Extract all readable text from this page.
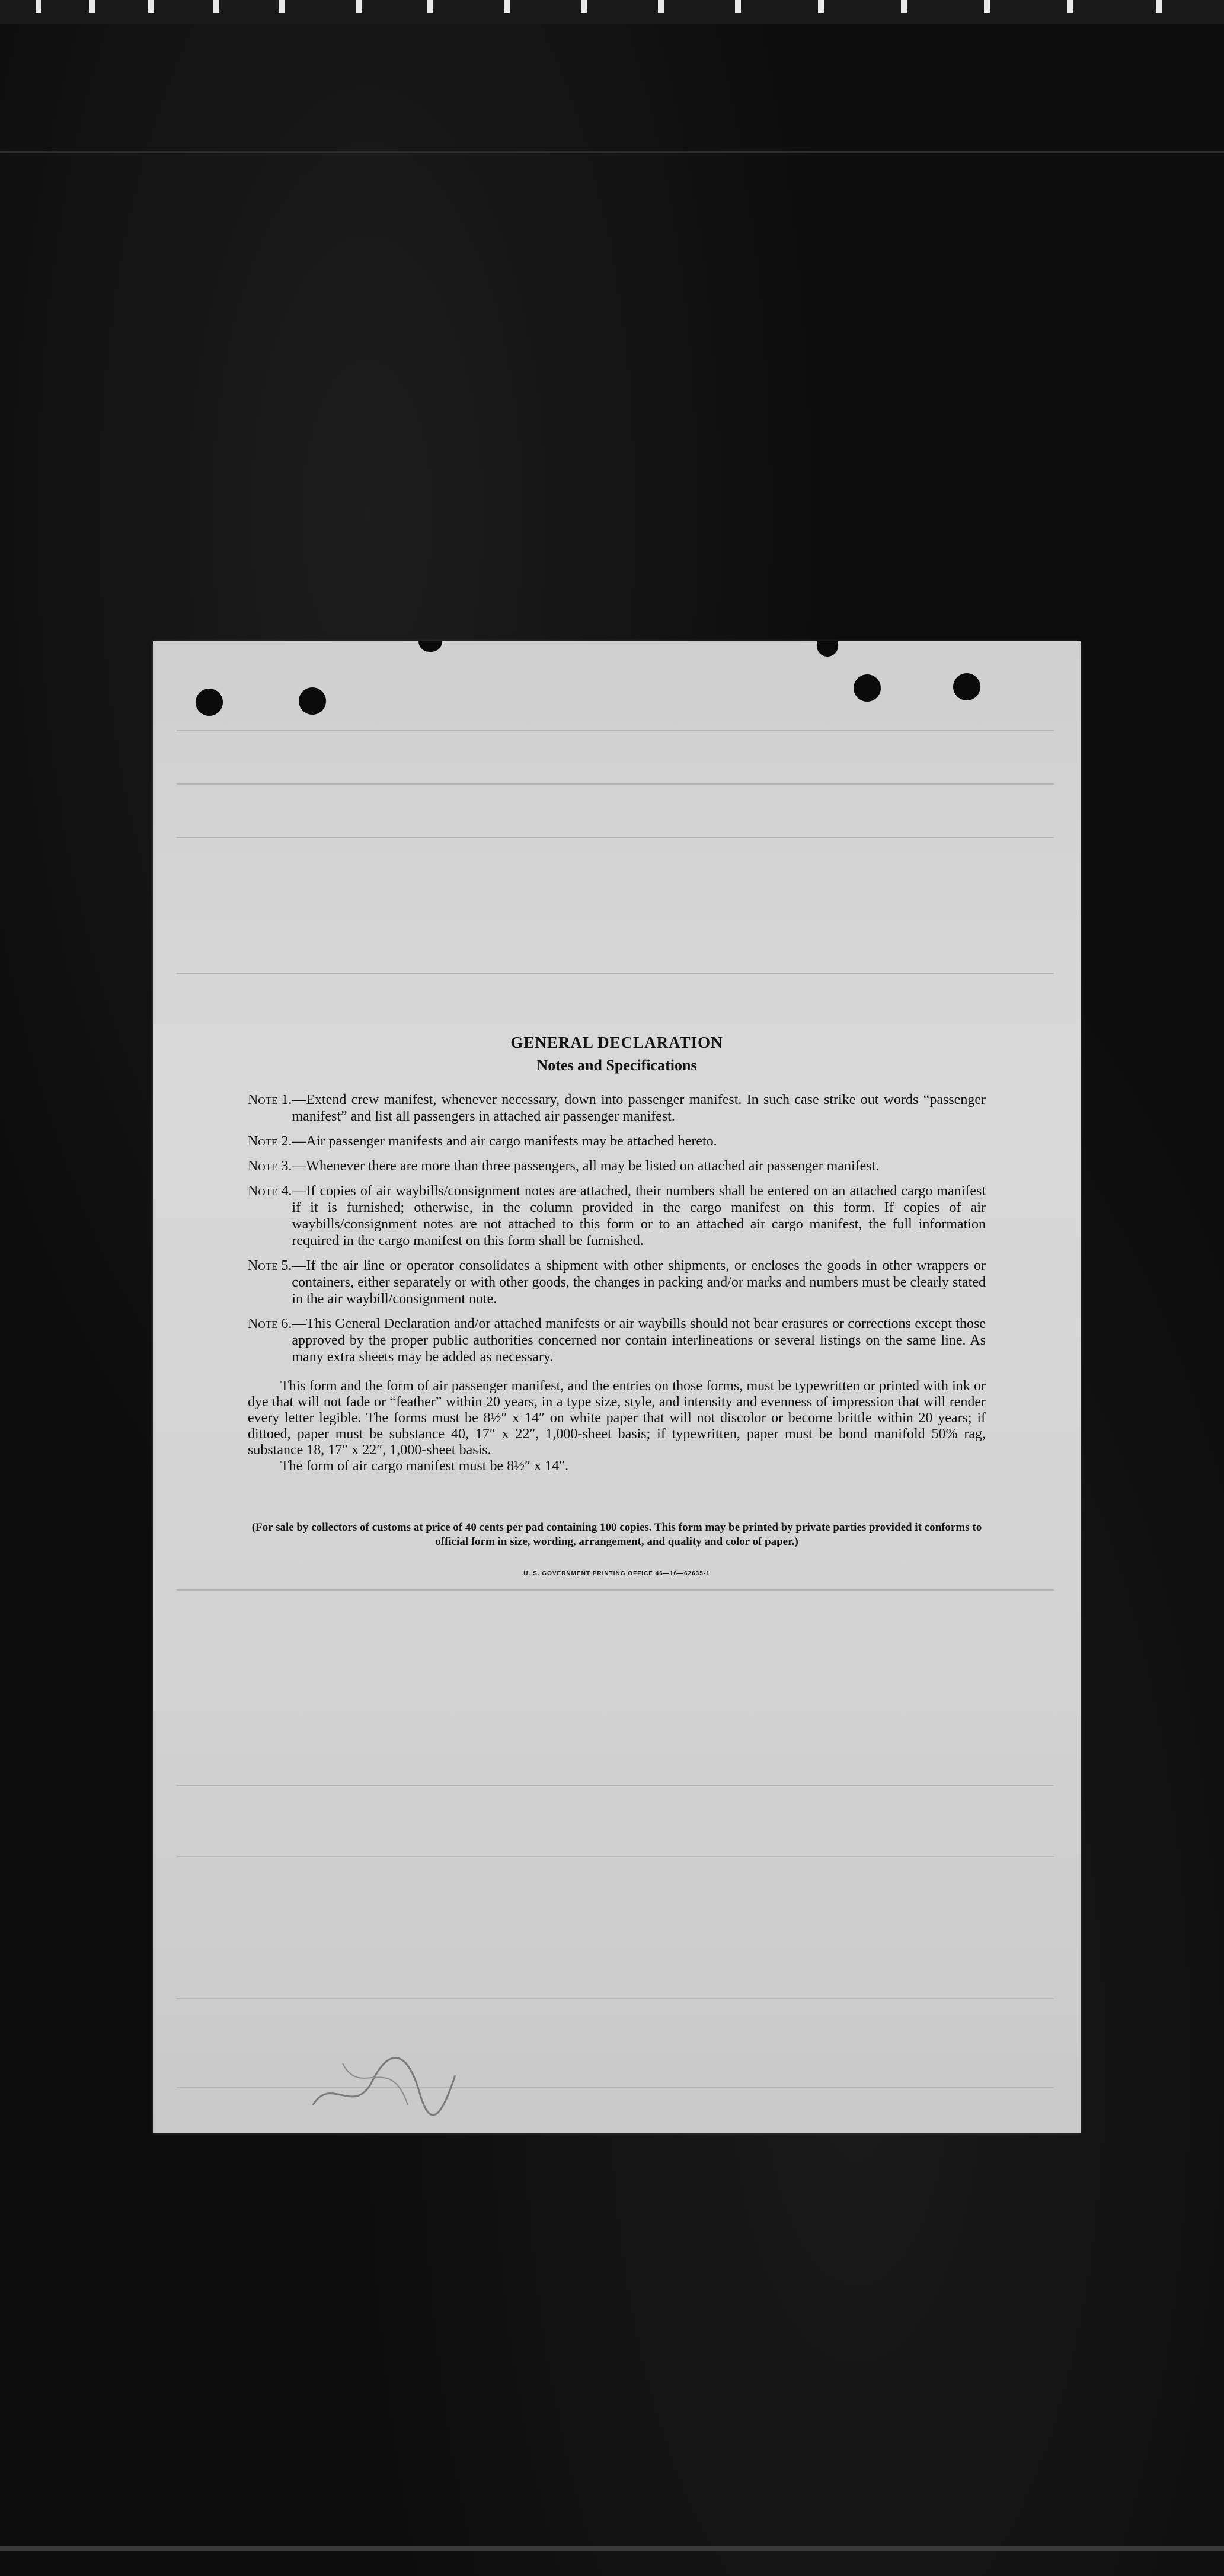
GENERAL DECLARATION
Notes and Specifications
Note 1. —Extend crew manifest, whenever necessary, down into passenger manifest. In such case strike out words “passenger manifest” and list all passengers in attached air passenger manifest.
Note 2. —Air passenger manifests and air cargo manifests may be attached hereto.
Note 3. —Whenever there are more than three passengers, all may be listed on attached air passenger manifest.
Note 4. —If copies of air waybills/consignment notes are attached, their numbers shall be entered on an attached cargo manifest if it is furnished; otherwise, in the column provided in the cargo manifest on this form. If copies of air waybills/consignment notes are not attached to this form or to an attached air cargo manifest, the full information required in the cargo manifest on this form shall be furnished.
Note 5. —If the air line or operator consolidates a shipment with other shipments, or encloses the goods in other wrappers or containers, either separately or with other goods, the changes in packing and/or marks and numbers must be clearly stated in the air waybill/consignment note.
Note 6. —This General Declaration and/or attached manifests or air waybills should not bear erasures or corrections except those approved by the proper public authorities concerned nor contain interlineations or several listings on the same line. As many extra sheets may be added as necessary.
This form and the form of air passenger manifest, and the entries on those forms, must be typewritten or printed with ink or dye that will not fade or “feather” within 20 years, in a type size, style, and intensity and evenness of impression that will render every letter legible. The forms must be 8½″ x 14″ on white paper that will not discolor or become brittle within 20 years; if dittoed, paper must be substance 40, 17″ x 22″, 1,000-sheet basis; if typewritten, paper must be bond manifold 50% rag, substance 18, 17″ x 22″, 1,000-sheet basis.
The form of air cargo manifest must be 8½″ x 14″.
(For sale by collectors of customs at price of 40 cents per pad containing 100 copies. This form may be printed by private parties provided it conforms to official form in size, wording, arrangement, and quality and color of paper.)
U. S. GOVERNMENT PRINTING OFFICE 46—16—62635-1
